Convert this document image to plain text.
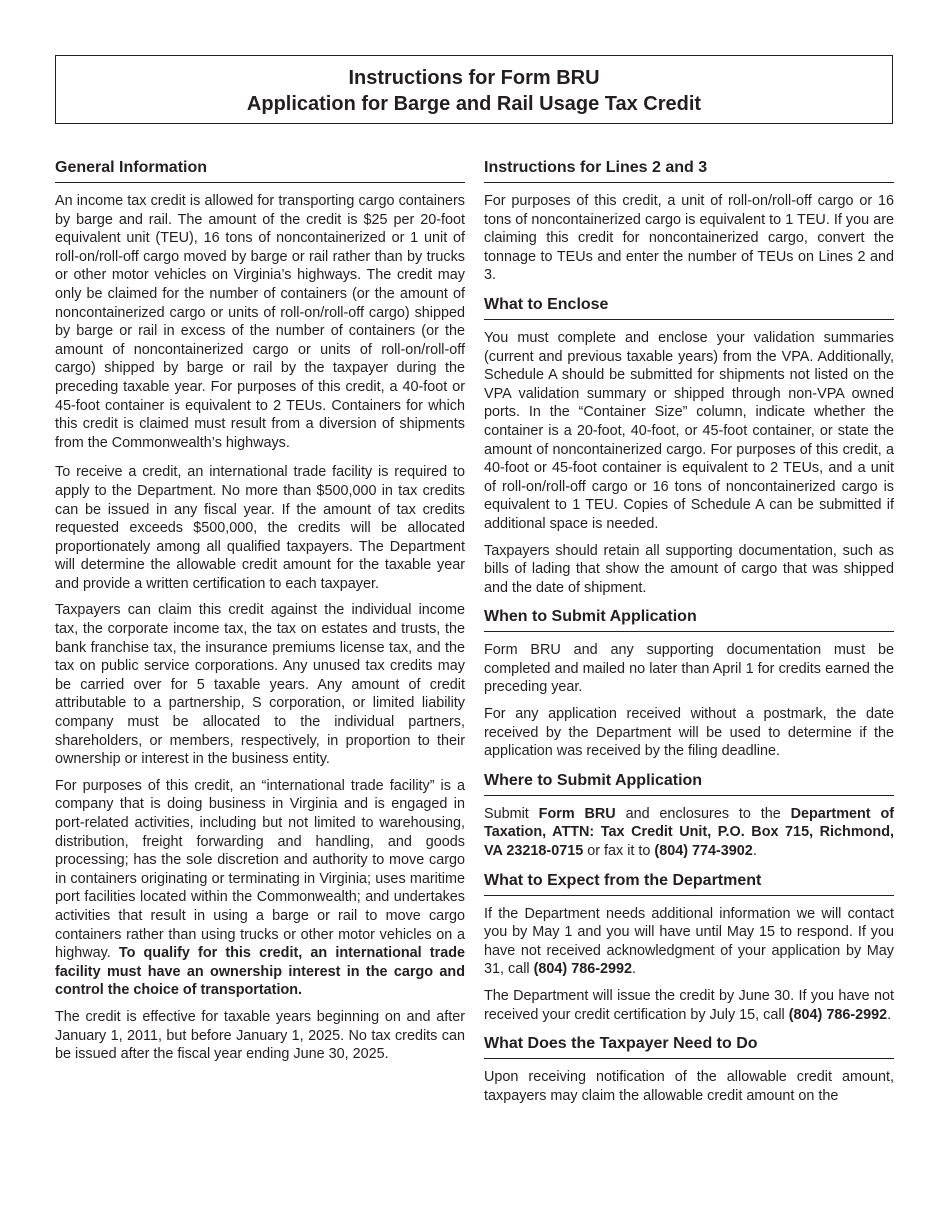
Instructions for Form BRU
Application for Barge and Rail Usage Tax Credit
General Information

An income tax credit is allowed for transporting cargo containers by barge and rail. The amount of the credit is $25 per 20-foot equivalent unit (TEU), 16 tons of noncontainerized or 1 unit of roll-on/roll-off cargo moved by barge or rail rather than by trucks or other motor vehicles on Virginia’s highways. The credit may only be claimed for the number of containers (or the amount of noncontainerized cargo or units of roll-on/roll-off cargo) shipped by barge or rail in excess of the number of containers (or the amount of noncontainerized cargo or units of roll-on/roll-off cargo) shipped by barge or rail by the taxpayer during the preceding taxable year. For purposes of this credit, a 40-foot or 45-foot container is equivalent to 2 TEUs. Containers for which this credit is claimed must result from a diversion of shipments from the Commonwealth’s highways.

To receive a credit, an international trade facility is required to apply to the Department. No more than $500,000 in tax credits can be issued in any fiscal year. If the amount of tax credits requested exceeds $500,000, the credits will be allocated proportionately among all qualified taxpayers. The Department will determine the allowable credit amount for the taxable year and provide a written certification to each taxpayer.

Taxpayers can claim this credit against the individual income tax, the corporate income tax, the tax on estates and trusts, the bank franchise tax, the insurance premiums license tax, and the tax on public service corporations. Any unused tax credits may be carried over for 5 taxable years. Any amount of credit attributable to a partnership, S corporation, or limited liability company must be allocated to the individual partners, shareholders, or members, respectively, in proportion to their ownership or interest in the business entity.

For purposes of this credit, an “international trade facility” is a company that is doing business in Virginia and is engaged in port-related activities, including but not limited to warehousing, distribution, freight forwarding and handling, and goods processing; has the sole discretion and authority to move cargo in containers originating or terminating in Virginia; uses maritime port facilities located within the Commonwealth; and undertakes activities that result in using a barge or rail to move cargo containers rather than using trucks or other motor vehicles on a highway. To qualify for this credit, an international trade facility must have an ownership interest in the cargo and control the choice of transportation.

The credit is effective for taxable years beginning on and after January 1, 2011, but before January 1, 2025. No tax credits can be issued after the fiscal year ending June 30, 2025.

Instructions for Lines 2 and 3

For purposes of this credit, a unit of roll-on/roll-off cargo or 16 tons of noncontainerized cargo is equivalent to 1 TEU. If you are claiming this credit for noncontainerized cargo, convert the tonnage to TEUs and enter the number of TEUs on Lines 2 and 3.

What to Enclose

You must complete and enclose your validation summaries (current and previous taxable years) from the VPA. Additionally, Schedule A should be submitted for shipments not listed on the VPA validation summary or shipped through non-VPA owned ports. In the “Container Size” column, indicate whether the container is a 20-foot, 40-foot, or 45-foot container, or state the amount of noncontainerized cargo. For purposes of this credit, a 40-foot or 45-foot container is equivalent to 2 TEUs, and a unit of roll-on/roll-off cargo or 16 tons of noncontainerized cargo is equivalent to 1 TEU. Copies of Schedule A can be submitted if additional space is needed.

Taxpayers should retain all supporting documentation, such as bills of lading that show the amount of cargo that was shipped and the date of shipment.

When to Submit Application

Form BRU and any supporting documentation must be completed and mailed no later than April 1 for credits earned the preceding year.

For any application received without a postmark, the date received by the Department will be used to determine if the application was received by the filing deadline.

Where to Submit Application

Submit Form BRU and enclosures to the Department of Taxation, ATTN: Tax Credit Unit, P.O. Box 715, Richmond, VA 23218-0715 or fax it to (804) 774-3902.

What to Expect from the Department

If the Department needs additional information we will contact you by May 1 and you will have until May 15 to respond. If you have not received acknowledgment of your application by May 31, call (804) 786-2992.

The Department will issue the credit by June 30. If you have not received your credit certification by July 15, call (804) 786-2992.

What Does the Taxpayer Need to Do

Upon receiving notification of the allowable credit amount, taxpayers may claim the allowable credit amount on the
